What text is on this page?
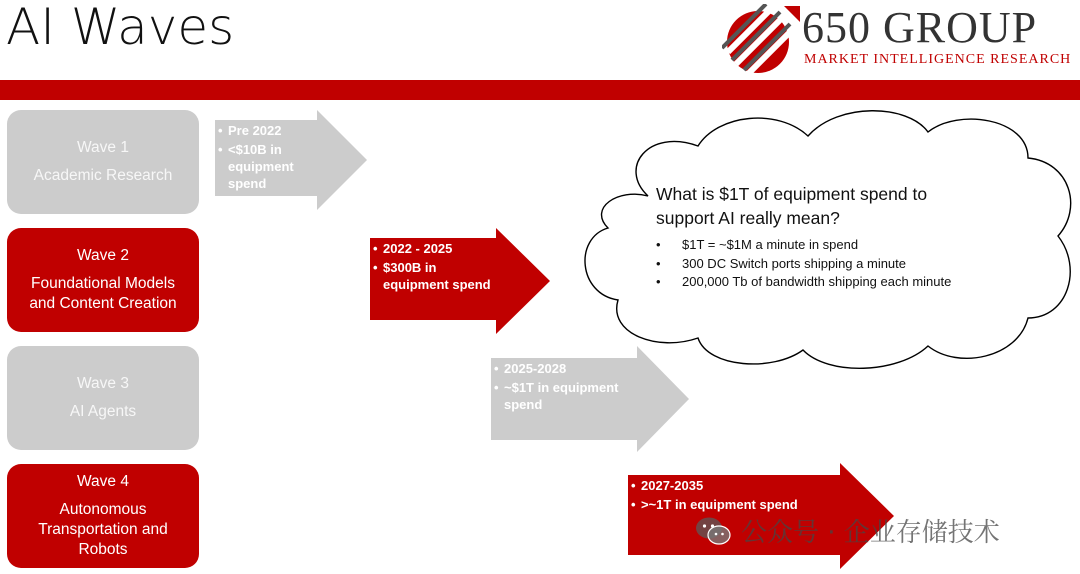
AI Waves	650 GROUP
MARKET INTELLIGENCE RESEARCH
Wave 1
Academic Research
Wave 2
Foundational Models and Content Creation
Wave 3
AI Agents
Wave 4
Autonomous Transportation and Robots
• Pre 2022
• <$10B in equipment spend
• 2022 - 2025
• $300B in equipment spend
• 2025-2028
• ~$1T in equipment spend
• 2027-2035
• >~1T in equipment spend
What is $1T of equipment spend to support AI really mean?
• $1T = ~$1M a minute in spend
• 300 DC Switch ports shipping a minute
• 200,000 Tb of bandwidth shipping each minute
公众号 · 企业存储技术
